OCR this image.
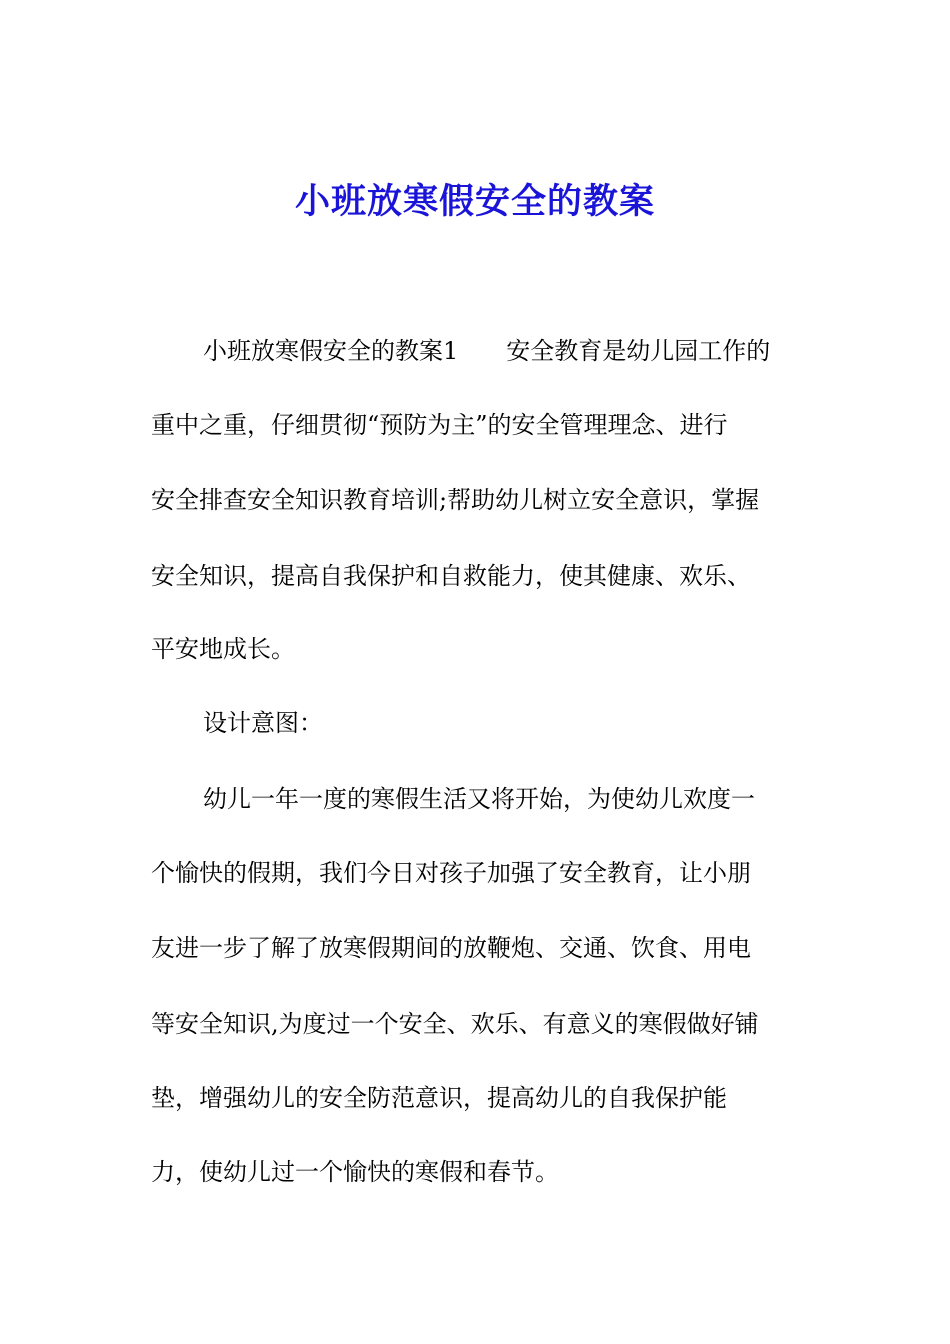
小班放寒假安全的教案
小班放寒假安全的教案1　　安全教育是幼儿园工作的
重中之重，仔细贯彻“预防为主”的安全管理理念、进行
安全排查安全知识教育培训;帮助幼儿树立安全意识，掌握
安全知识，提高自我保护和自救能力，使其健康、欢乐、
平安地成长。
设计意图：
幼儿一年一度的寒假生活又将开始，为使幼儿欢度一
个愉快的假期，我们今日对孩子加强了安全教育，让小朋
友进一步了解了放寒假期间的放鞭炮、交通、饮食、用电
等安全知识,为度过一个安全、欢乐、有意义的寒假做好铺
垫，增强幼儿的安全防范意识，提高幼儿的自我保护能
力，使幼儿过一个愉快的寒假和春节。
